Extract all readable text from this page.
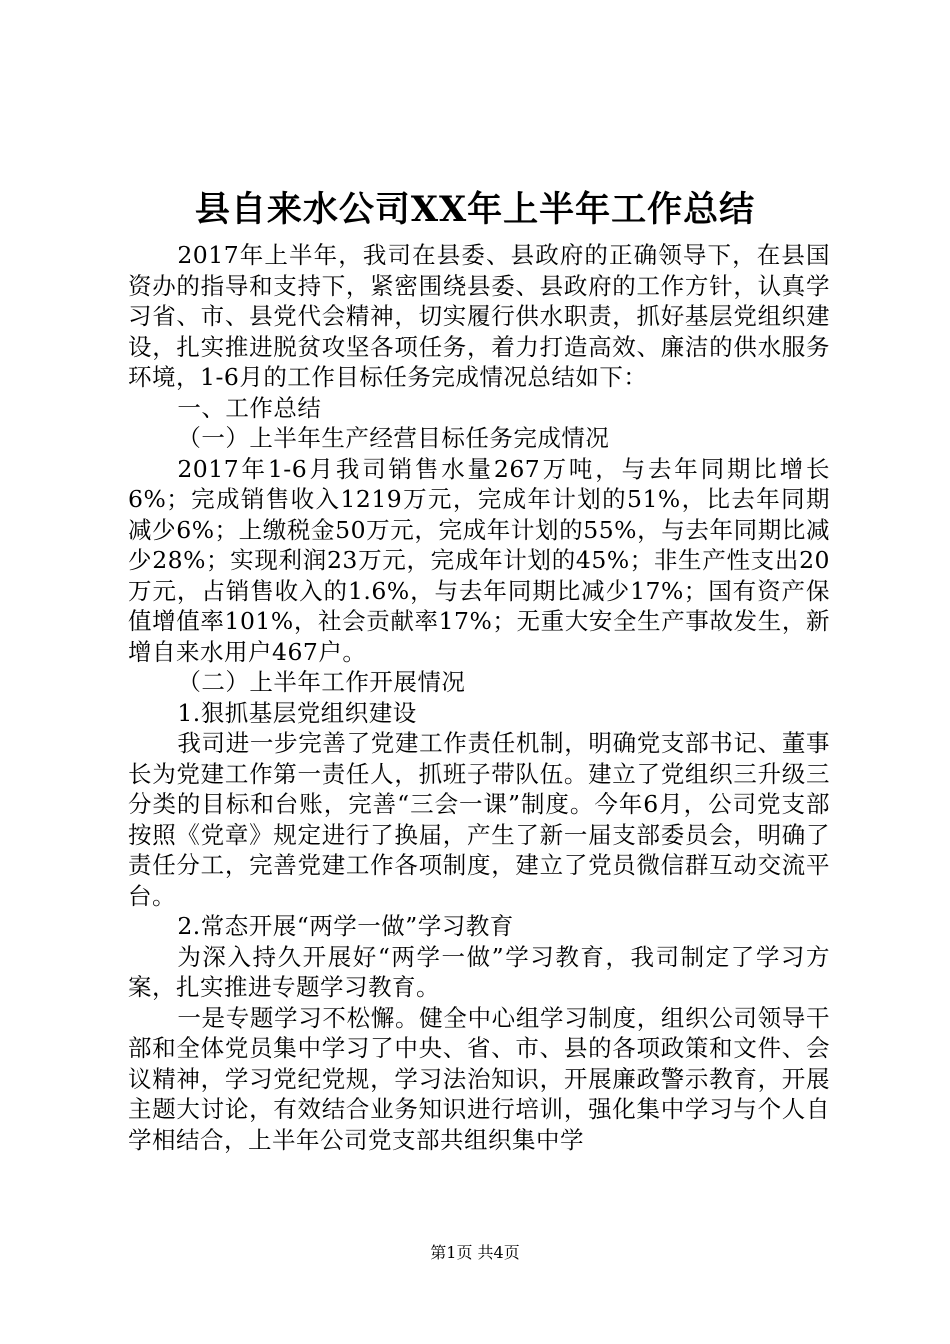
县自来水公司XX年上半年工作总结

2017年上半年，我司在县委、县政府的正确领导下，在县国资办的指导和支持下，紧密围绕县委、县政府的工作方针，认真学习省、市、县党代会精神，切实履行供水职责，抓好基层党组织建设，扎实推进脱贫攻坚各项任务，着力打造高效、廉洁的供水服务环境，1-6月的工作目标任务完成情况总结如下：

一、工作总结

（一）上半年生产经营目标任务完成情况

2017年1-6月我司销售水量267万吨，与去年同期比增长6%；完成销售收入1219万元，完成年计划的51%，比去年同期减少6%；上缴税金50万元，完成年计划的55%，与去年同期比减少28%；实现利润23万元，完成年计划的45%；非生产性支出20万元，占销售收入的1.6%，与去年同期比减少17%；国有资产保值增值率101%，社会贡献率17%；无重大安全生产事故发生，新增自来水用户467户。

（二）上半年工作开展情况

1.狠抓基层党组织建设

我司进一步完善了党建工作责任机制，明确党支部书记、董事长为党建工作第一责任人，抓班子带队伍。建立了党组织三升级三分类的目标和台账，完善“三会一课”制度。今年6月，公司党支部按照《党章》规定进行了换届，产生了新一届支部委员会，明确了责任分工，完善党建工作各项制度，建立了党员微信群互动交流平台。

2.常态开展“两学一做”学习教育

为深入持久开展好“两学一做”学习教育，我司制定了学习方案，扎实推进专题学习教育。

一是专题学习不松懈。健全中心组学习制度，组织公司领导干部和全体党员集中学习了中央、省、市、县的各项政策和文件、会议精神，学习党纪党规，学习法治知识，开展廉政警示教育，开展主题大讨论，有效结合业务知识进行培训，强化集中学习与个人自学相结合，上半年公司党支部共组织集中学

第1页 共4页
